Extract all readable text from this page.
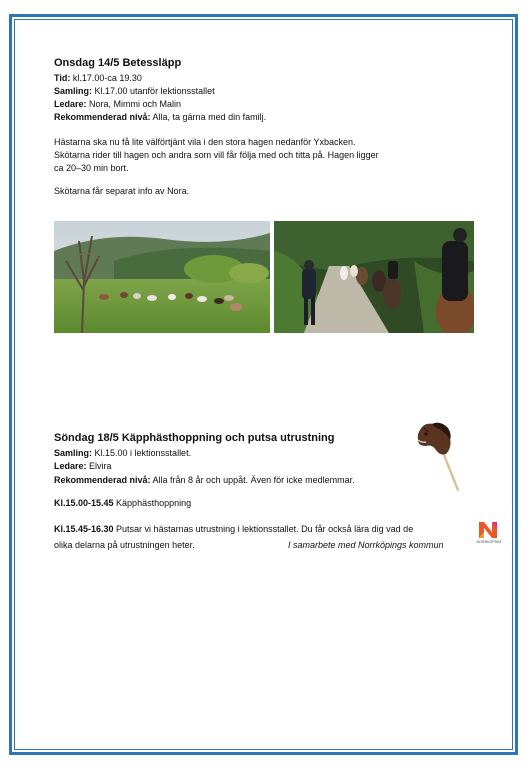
Onsdag 14/5 Betessläpp
Tid: kl.17.00-ca 19.30
Samling: Kl.17.00 utanför lektionsstallet
Ledare: Nora, Mimmi och Malin
Rekommenderad nivå: Alla, ta gärna med din familj.
Hästarna ska nu få lite välförtjänt vila i den stora hagen nedanför Yxbacken.
Skötarna rider till hagen och andra som vill får följa med och titta på. Hagen ligger
ca 20–30 min bort.
Skötarna får separat info av Nora.
Söndag 18/5 Käpphästhoppning och putsa utrustning
Samling: Kl.15.00 i lektionsstallet.
Ledare: Elvira
Rekommenderad nivå: Alla från 8 år och uppåt. Även för icke medlemmar.
Kl.15.00-15.45 Käpphästhoppning
Kl.15.45-16.30 Putsar vi hästarnas utrustning i lektionsstallet. Du får också lära dig vad de
olika delarna på utrustningen heter.	I samarbete med Norrköpings kommun	NORRKÖPING
